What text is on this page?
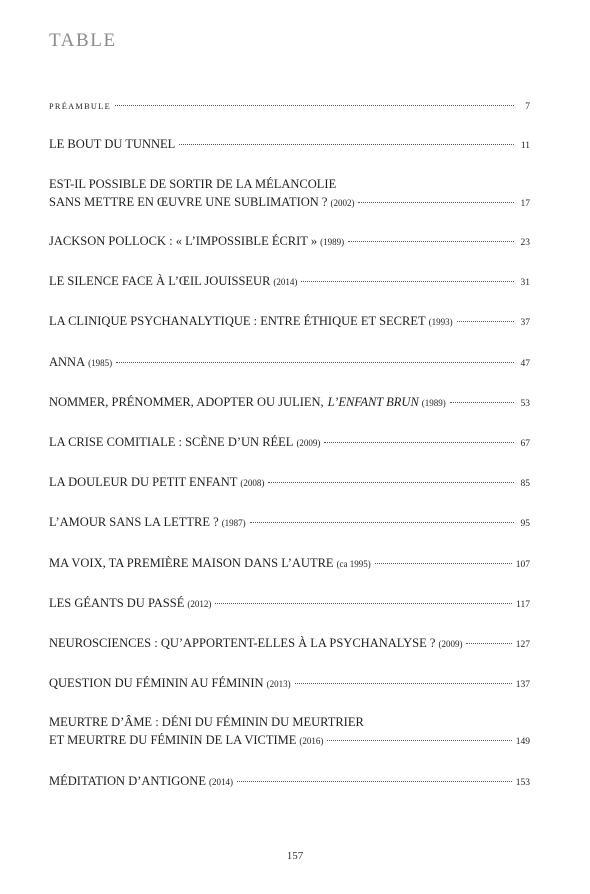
TABLE
PRÉAMBULE	7
LE BOUT DU TUNNEL	11
EST-IL POSSIBLE DE SORTIR DE LA MÉLANCOLIE
SANS METTRE EN ŒUVRE UNE SUBLIMATION ? (2002)	17
JACKSON POLLOCK : « L’IMPOSSIBLE ÉCRIT » (1989)	23
LE SILENCE FACE À L’ŒIL JOUISSEUR (2014)	31
LA CLINIQUE PSYCHANALYTIQUE : ENTRE ÉTHIQUE ET SECRET (1993)	37
ANNA (1985)	47
NOMMER, PRÉNOMMER, ADOPTER OU JULIEN, L’ENFANT BRUN (1989)	53
LA CRISE COMITIALE : SCÈNE D’UN RÉEL (2009)	67
LA DOULEUR DU PETIT ENFANT (2008)	85
L’AMOUR SANS LA LETTRE ? (1987)	95
MA VOIX, TA PREMIÈRE MAISON DANS L’AUTRE (ca 1995)	107
LES GÉANTS DU PASSÉ (2012)	117
NEUROSCIENCES : QU’APPORTENT-ELLES À LA PSYCHANALYSE ? (2009)	127
QUESTION DU FÉMININ AU FÉMININ (2013)	137
MEURTRE D’ÂME : DÉNI DU FÉMININ DU MEURTRIER
ET MEURTRE DU FÉMININ DE LA VICTIME (2016)	149
MÉDITATION D’ANTIGONE (2014)	153
157
